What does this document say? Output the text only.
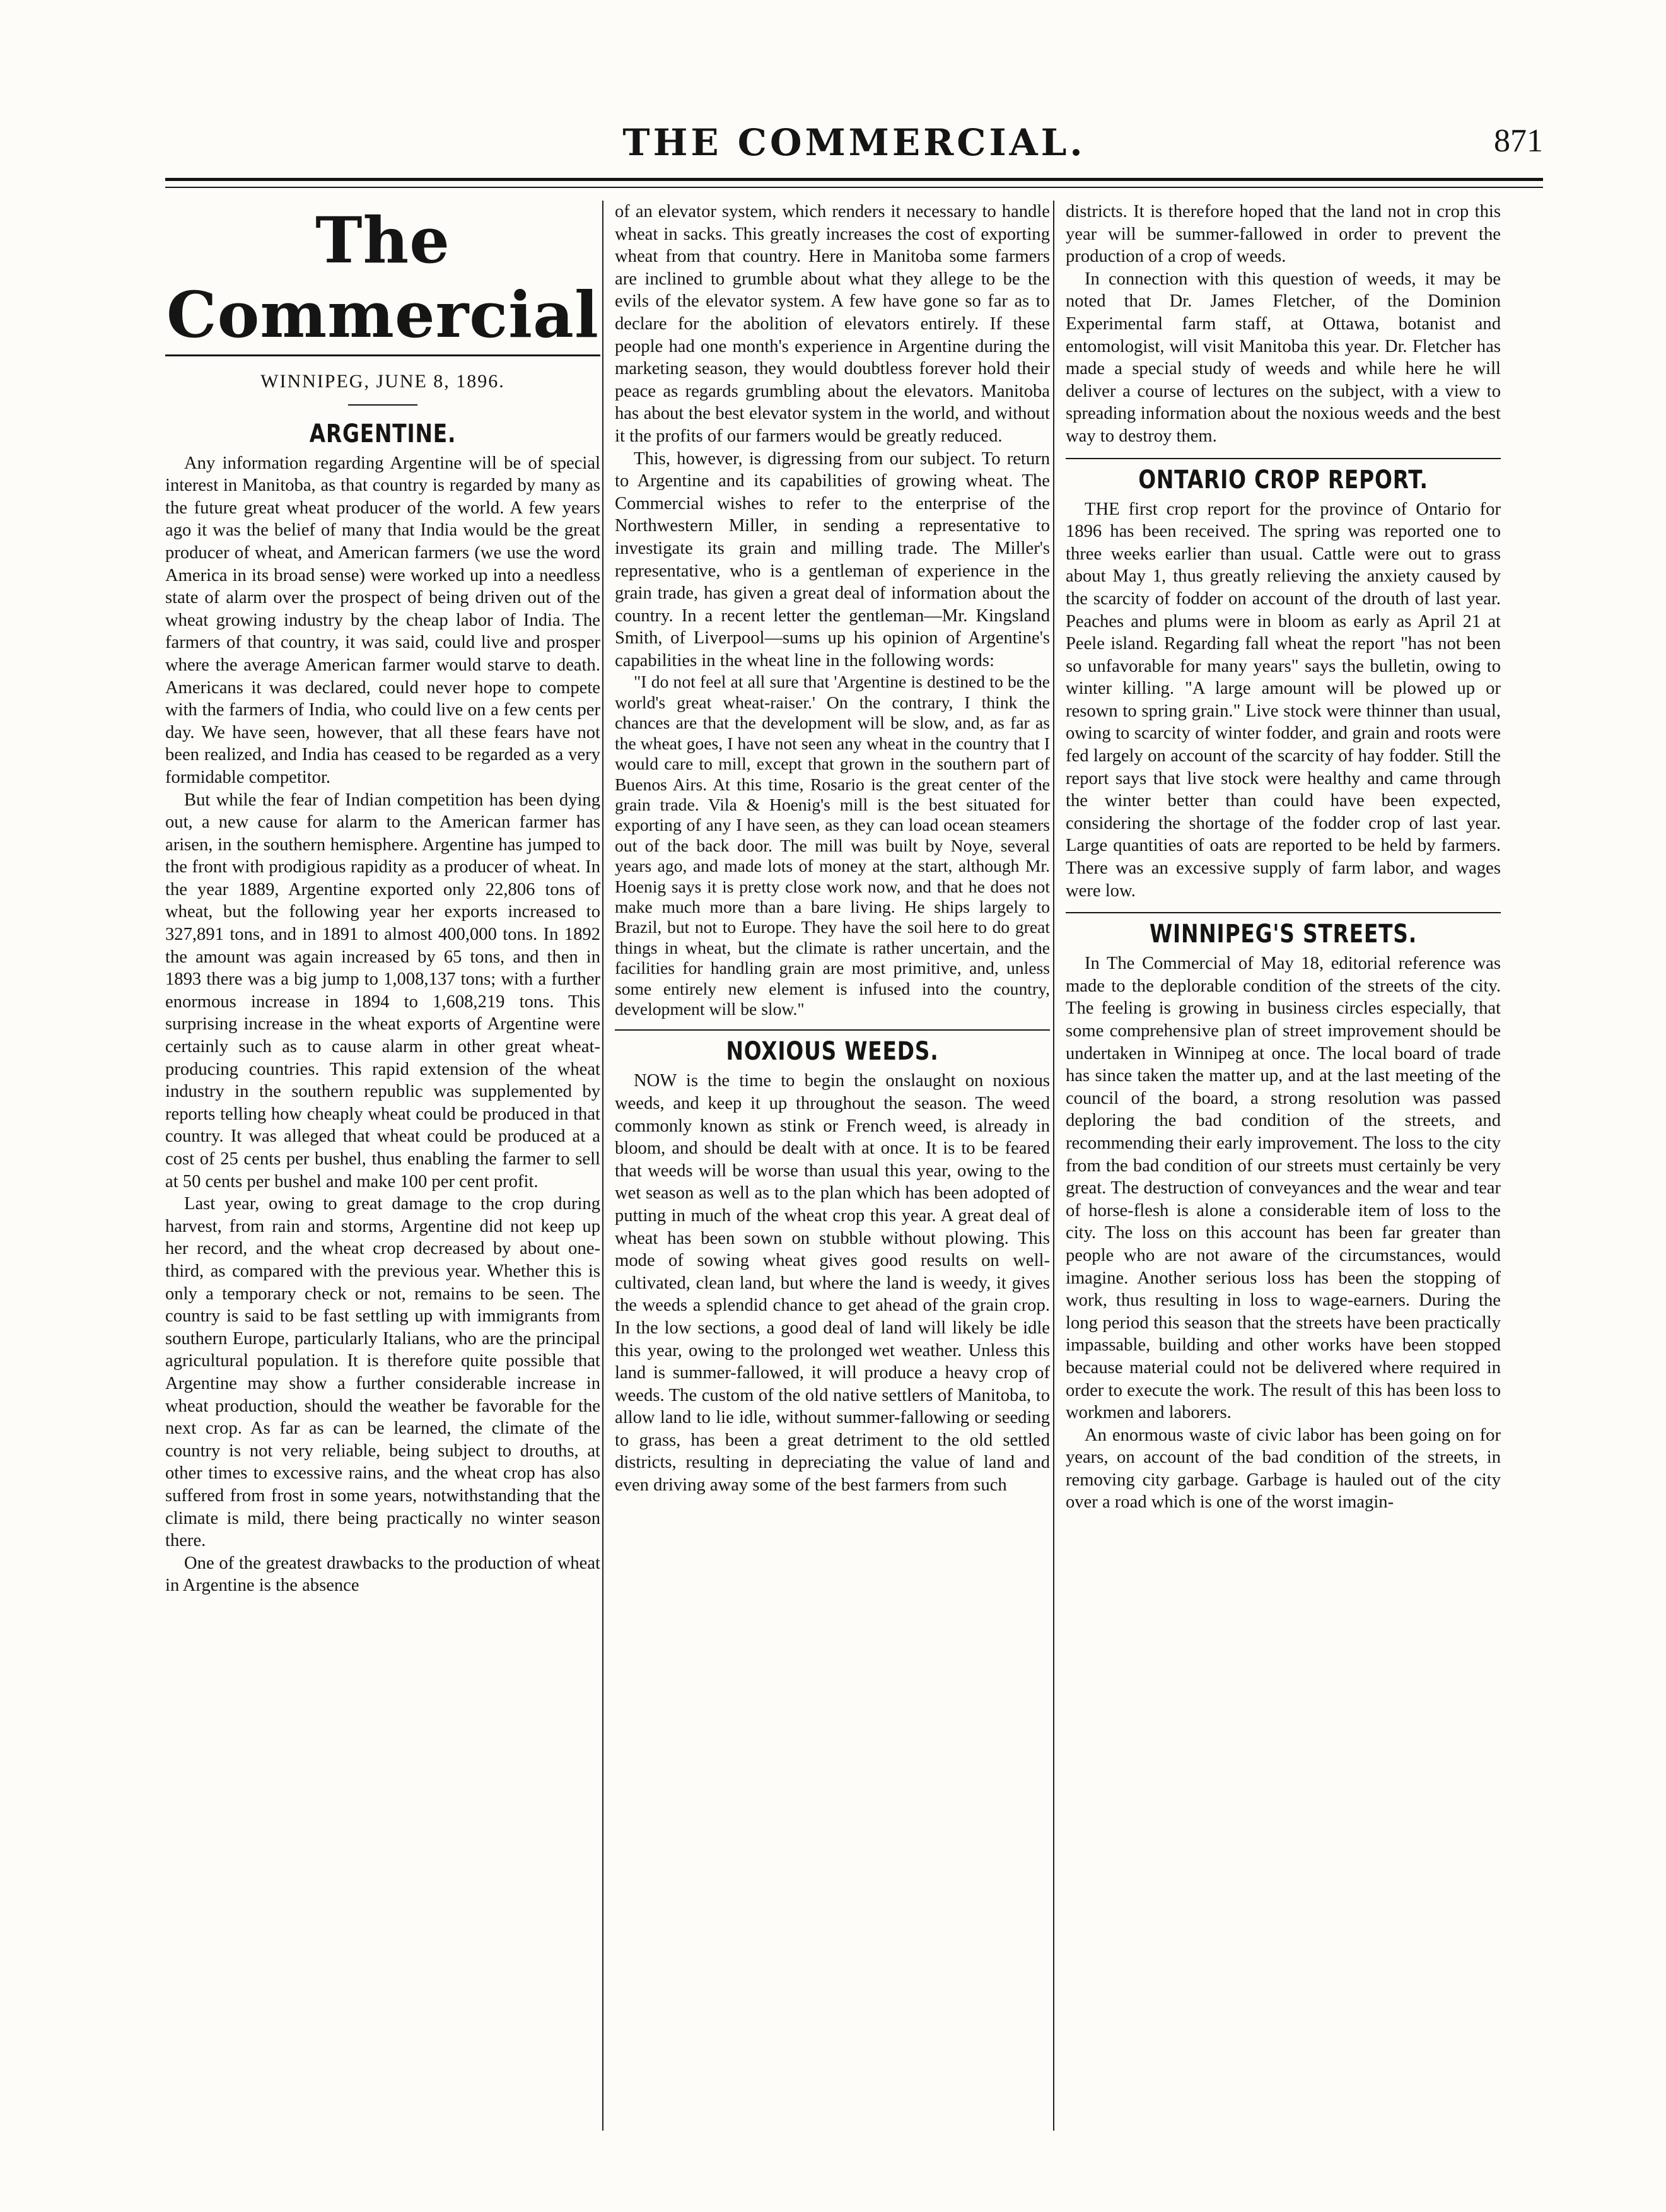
THE COMMERCIAL.	871
The Commercial
WINNIPEG, JUNE 8, 1896.
ARGENTINE.

Any information regarding Argentine will be of special interest in Manitoba, as that country is regarded by many as the future great wheat producer of the world. A few years ago it was the belief of many that India would be the great producer of wheat, and American farmers (we use the word America in its broad sense) were worked up into a needless state of alarm over the prospect of being driven out of the wheat growing industry by the cheap labor of India. The farmers of that country, it was said, could live and prosper where the average American farmer would starve to death. Americans it was declared, could never hope to compete with the farmers of India, who could live on a few cents per day. We have seen, however, that all these fears have not been realized, and India has ceased to be regarded as a very formidable competitor.

But while the fear of Indian competition has been dying out, a new cause for alarm to the American farmer has arisen, in the southern hemisphere. Argentine has jumped to the front with prodigious rapidity as a producer of wheat. In the year 1889, Argentine exported only 22,806 tons of wheat, but the following year her exports increased to 327,891 tons, and in 1891 to almost 400,000 tons. In 1892 the amount was again increased by 65 tons, and then in 1893 there was a big jump to 1,008,137 tons; with a further enormous increase in 1894 to 1,608,219 tons. This surprising increase in the wheat exports of Argentine were certainly such as to cause alarm in other great wheat-producing countries. This rapid extension of the wheat industry in the southern republic was supplemented by reports telling how cheaply wheat could be produced in that country. It was alleged that wheat could be produced at a cost of 25 cents per bushel, thus enabling the farmer to sell at 50 cents per bushel and make 100 per cent profit.

Last year, owing to great damage to the crop during harvest, from rain and storms, Argentine did not keep up her record, and the wheat crop decreased by about one-third, as compared with the previous year. Whether this is only a temporary check or not, remains to be seen. The country is said to be fast settling up with immigrants from southern Europe, particularly Italians, who are the principal agricultural population. It is therefore quite possible that Argentine may show a further considerable increase in wheat production, should the weather be favorable for the next crop. As far as can be learned, the climate of the country is not very reliable, being subject to drouths, at other times to excessive rains, and the wheat crop has also suffered from frost in some years, notwithstanding that the climate is mild, there being practically no winter season there.

One of the greatest drawbacks to the production of wheat in Argentine is the absence

of an elevator system, which renders it necessary to handle wheat in sacks. This greatly increases the cost of exporting wheat from that country. Here in Manitoba some farmers are inclined to grumble about what they allege to be the evils of the elevator system. A few have gone so far as to declare for the abolition of elevators entirely. If these people had one month's experience in Argentine during the marketing season, they would doubtless forever hold their peace as regards grumbling about the elevators. Manitoba has about the best elevator system in the world, and without it the profits of our farmers would be greatly reduced.

This, however, is digressing from our subject. To return to Argentine and its capabilities of growing wheat. The Commercial wishes to refer to the enterprise of the Northwestern Miller, in sending a representative to investigate its grain and milling trade. The Miller's representative, who is a gentleman of experience in the grain trade, has given a great deal of information about the country. In a recent letter the gentleman—Mr. Kingsland Smith, of Liverpool—sums up his opinion of Argentine's capabilities in the wheat line in the following words:

"I do not feel at all sure that 'Argentine is destined to be the world's great wheat-raiser.' On the contrary, I think the chances are that the development will be slow, and, as far as the wheat goes, I have not seen any wheat in the country that I would care to mill, except that grown in the southern part of Buenos Airs. At this time, Rosario is the great center of the grain trade. Vila & Hoenig's mill is the best situated for exporting of any I have seen, as they can load ocean steamers out of the back door. The mill was built by Noye, several years ago, and made lots of money at the start, although Mr. Hoenig says it is pretty close work now, and that he does not make much more than a bare living. He ships largely to Brazil, but not to Europe. They have the soil here to do great things in wheat, but the climate is rather uncertain, and the facilities for handling grain are most primitive, and, unless some entirely new element is infused into the country, development will be slow."

NOXIOUS WEEDS.

NOW is the time to begin the onslaught on noxious weeds, and keep it up throughout the season. The weed commonly known as stink or French weed, is already in bloom, and should be dealt with at once. It is to be feared that weeds will be worse than usual this year, owing to the wet season as well as to the plan which has been adopted of putting in much of the wheat crop this year. A great deal of wheat has been sown on stubble without plowing. This mode of sowing wheat gives good results on well-cultivated, clean land, but where the land is weedy, it gives the weeds a splendid chance to get ahead of the grain crop. In the low sections, a good deal of land will likely be idle this year, owing to the prolonged wet weather. Unless this land is summer-fallowed, it will produce a heavy crop of weeds. The custom of the old native settlers of Manitoba, to allow land to lie idle, without summer-fallowing or seeding to grass, has been a great detriment to the old settled districts, resulting in depreciating the value of land and even driving away some of the best farmers from such

districts. It is therefore hoped that the land not in crop this year will be summer-fallowed in order to prevent the production of a crop of weeds.

In connection with this question of weeds, it may be noted that Dr. James Fletcher, of the Dominion Experimental farm staff, at Ottawa, botanist and entomologist, will visit Manitoba this year. Dr. Fletcher has made a special study of weeds and while here he will deliver a course of lectures on the subject, with a view to spreading information about the noxious weeds and the best way to destroy them.

ONTARIO CROP REPORT.

THE first crop report for the province of Ontario for 1896 has been received. The spring was reported one to three weeks earlier than usual. Cattle were out to grass about May 1, thus greatly relieving the anxiety caused by the scarcity of fodder on account of the drouth of last year. Peaches and plums were in bloom as early as April 21 at Peele island. Regarding fall wheat the report "has not been so unfavorable for many years" says the bulletin, owing to winter killing. "A large amount will be plowed up or resown to spring grain." Live stock were thinner than usual, owing to scarcity of winter fodder, and grain and roots were fed largely on account of the scarcity of hay fodder. Still the report says that live stock were healthy and came through the winter better than could have been expected, considering the shortage of the fodder crop of last year. Large quantities of oats are reported to be held by farmers. There was an excessive supply of farm labor, and wages were low.

WINNIPEG'S STREETS.

In The Commercial of May 18, editorial reference was made to the deplorable condition of the streets of the city. The feeling is growing in business circles especially, that some comprehensive plan of street improvement should be undertaken in Winnipeg at once. The local board of trade has since taken the matter up, and at the last meeting of the council of the board, a strong resolution was passed deploring the bad condition of the streets, and recommending their early improvement. The loss to the city from the bad condition of our streets must certainly be very great. The destruction of conveyances and the wear and tear of horse-flesh is alone a considerable item of loss to the city. The loss on this account has been far greater than people who are not aware of the circumstances, would imagine. Another serious loss has been the stopping of work, thus resulting in loss to wage-earners. During the long period this season that the streets have been practically impassable, building and other works have been stopped because material could not be delivered where required in order to execute the work. The result of this has been loss to workmen and laborers.

An enormous waste of civic labor has been going on for years, on account of the bad condition of the streets, in removing city garbage. Garbage is hauled out of the city over a road which is one of the worst imagin-
